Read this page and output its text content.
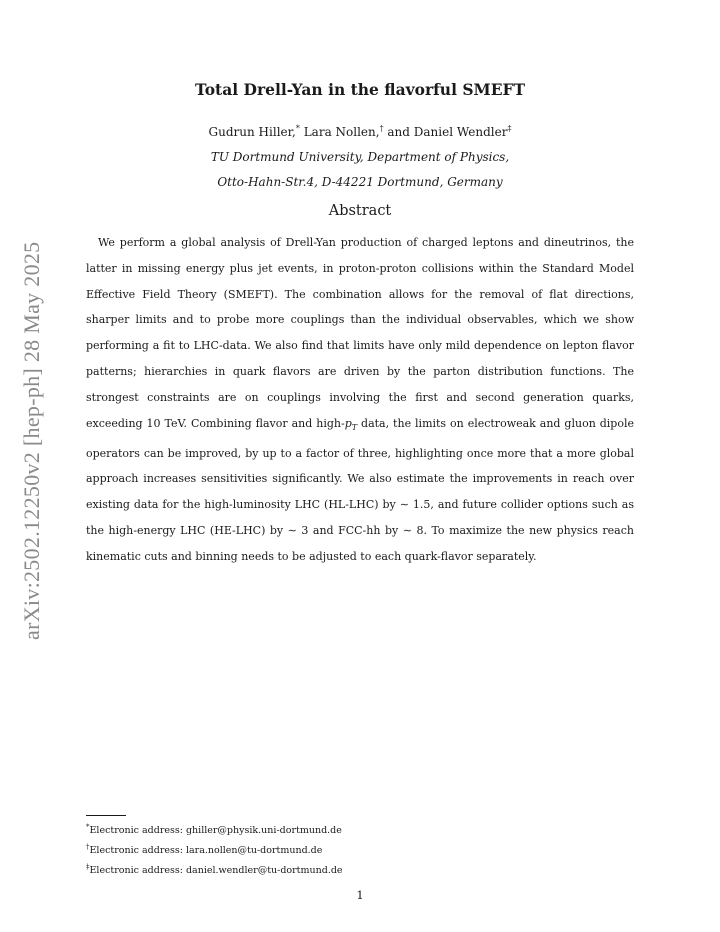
arXiv:2502.12250v2 [hep-ph] 28 May 2025
Total Drell-Yan in the flavorful SMEFT
Gudrun Hiller,* Lara Nollen,† and Daniel Wendler‡
TU Dortmund University, Department of Physics,
Otto-Hahn-Str.4, D-44221 Dortmund, Germany
Abstract

We perform a global analysis of Drell-Yan production of charged leptons and dineutrinos, the latter in missing energy plus jet events, in proton-proton collisions within the Standard Model Effective Field Theory (SMEFT). The combination allows for the removal of flat directions, sharper limits and to probe more couplings than the individual observables, which we show performing a fit to LHC-data. We also find that limits have only mild dependence on lepton flavor patterns; hierarchies in quark flavors are driven by the parton distribution functions. The strongest constraints are on couplings involving the first and second generation quarks, exceeding 10 TeV. Combining flavor and high-$p_T$ data, the limits on electroweak and gluon dipole operators can be improved, by up to a factor of three, highlighting once more that a more global approach increases sensitivities significantly. We also estimate the improvements in reach over existing data for the high-luminosity LHC (HL-LHC) by ∼ 1.5, and future collider options such as the high-energy LHC (HE-LHC) by ∼ 3 and FCC-hh by ∼ 8. To maximize the new physics reach kinematic cuts and binning needs to be adjusted to each quark-flavor separately.

*Electronic address: ghiller@physik.uni-dortmund.de
†Electronic address: lara.nollen@tu-dortmund.de
‡Electronic address: daniel.wendler@tu-dortmund.de
1
